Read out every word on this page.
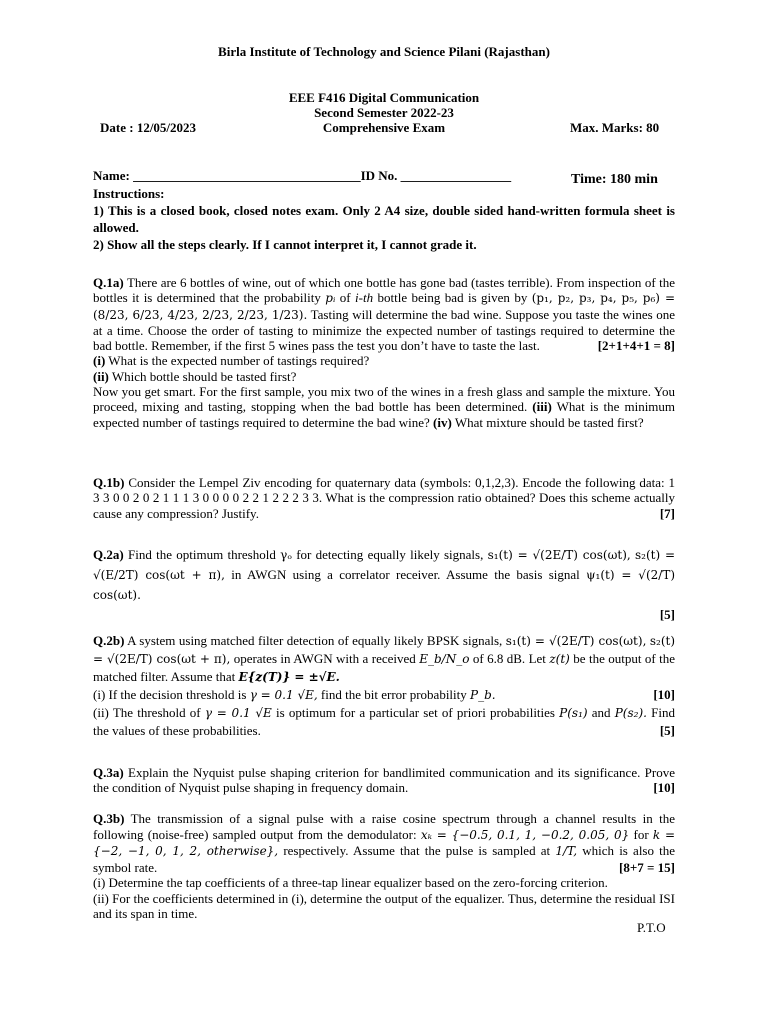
Birla Institute of Technology and Science Pilani (Rajasthan)
EEE F416 Digital Communication
Second Semester 2022-23
Date : 12/05/2023	Comprehensive Exam	Max. Marks: 80
Name: ___________________________________ID No. _________________	Time: 180 min
Instructions:
1) This is a closed book, closed notes exam. Only 2 A4 size, double sided hand-written formula sheet is allowed.
2) Show all the steps clearly. If I cannot interpret it, I cannot grade it.

Q.1a) There are 6 bottles of wine, out of which one bottle has gone bad (tastes terrible). From inspection of the bottles it is determined that the probability pᵢ of i-th bottle being bad is given by (p₁, p₂, p₃, p₄, p₅, p₆) = (8/23, 6/23, 4/23, 2/23, 2/23, 1/23). Tasting will determine the bad wine. Suppose you taste the wines one at a time. Choose the order of tasting to minimize the expected number of tastings required to determine the bad bottle. Remember, if the first 5 wines pass the test you don’t have to taste the last.	[2+1+4+1 = 8]

(i) What is the expected number of tastings required?

(ii) Which bottle should be tasted first?

Now you get smart. For the first sample, you mix two of the wines in a fresh glass and sample the mixture. You proceed, mixing and tasting, stopping when the bad bottle has been determined. (iii) What is the minimum expected number of tastings required to determine the bad wine? (iv) What mixture should be tasted first?

Q.1b) Consider the Lempel Ziv encoding for quaternary data (symbols: 0,1,2,3). Encode the following data: 1 3 3 0 0 2 0 2 1 1 1 3 0 0 0 0 2 2 1 2 2 2 3 3. What is the compression ratio obtained? Does this scheme actually cause any compression? Justify.	[7]

Q.2a) Find the optimum threshold γₒ for detecting equally likely signals, s₁(t) = √(2E/T) cos(ωt), s₂(t) = √(E/2T) cos(ωt + π), in AWGN using a correlator receiver. Assume the basis signal ψ₁(t) = √(2/T) cos(ωt).

[5]

Q.2b) A system using matched filter detection of equally likely BPSK signals, s₁(t) = √(2E/T) cos(ωt), s₂(t) = √(2E/T) cos(ωt + π), operates in AWGN with a received E_b/N_o of 6.8 dB. Let z(t) be the output of the matched filter. Assume that E{z(T)} = ±√E.

(i) If the decision threshold is γ = 0.1 √E, find the bit error probability P_b.	[10]

(ii) The threshold of γ = 0.1 √E is optimum for a particular set of priori probabilities P(s₁) and P(s₂). Find the values of these probabilities.	[5]

Q.3a) Explain the Nyquist pulse shaping criterion for bandlimited communication and its significance. Prove the condition of Nyquist pulse shaping in frequency domain.	[10]

Q.3b) The transmission of a signal pulse with a raise cosine spectrum through a channel results in the following (noise-free) sampled output from the demodulator: xₖ = {−0.5, 0.1, 1, −0.2, 0.05, 0} for k = {−2, −1, 0, 1, 2, otherwise}, respectively. Assume that the pulse is sampled at 1/T, which is also the symbol rate.	[8+7 = 15]

(i) Determine the tap coefficients of a three-tap linear equalizer based on the zero-forcing criterion.

(ii) For the coefficients determined in (i), determine the output of the equalizer. Thus, determine the residual ISI and its span in time.

P.T.O
